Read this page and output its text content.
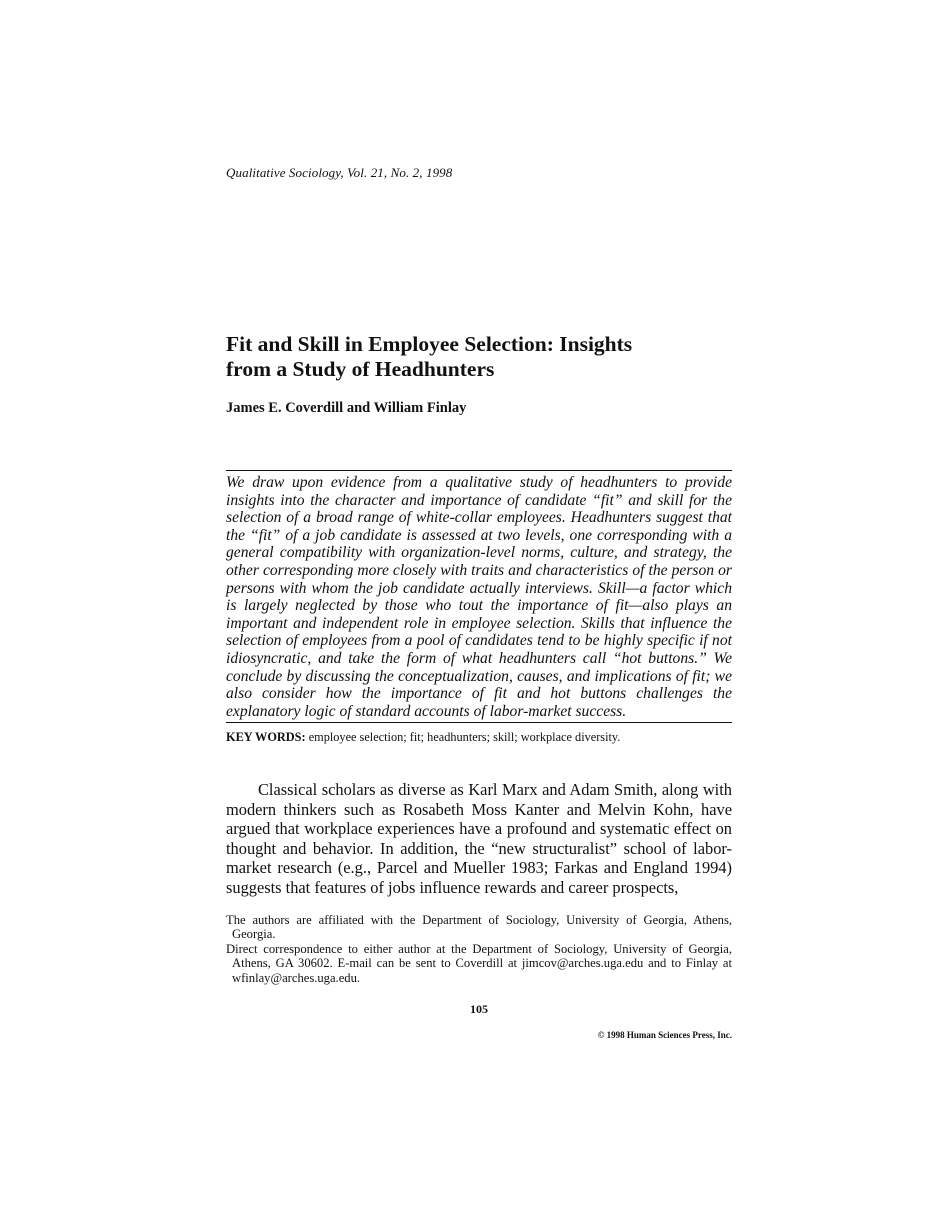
Qualitative Sociology, Vol. 21, No. 2, 1998
Fit and Skill in Employee Selection: Insights
from a Study of Headhunters
James E. Coverdill and William Finlay

We draw upon evidence from a qualitative study of headhunters to provide insights into the character and importance of candidate “fit” and skill for the selection of a broad range of white-collar employees. Headhunters suggest that the “fit” of a job candidate is assessed at two levels, one corresponding with a general compatibility with organization-level norms, culture, and strategy, the other corresponding more closely with traits and characteristics of the person or persons with whom the job candidate actually interviews. Skill—a factor which is largely neglected by those who tout the importance of fit—also plays an important and independent role in employee selection. Skills that influence the selection of employees from a pool of candidates tend to be highly specific if not idiosyncratic, and take the form of what headhunters call “hot buttons.” We conclude by discussing the conceptualization, causes, and implications of fit; we also consider how the importance of fit and hot buttons challenges the explanatory logic of standard accounts of labor-market success.

KEY WORDS: employee selection; fit; headhunters; skill; workplace diversity.

Classical scholars as diverse as Karl Marx and Adam Smith, along with modern thinkers such as Rosabeth Moss Kanter and Melvin Kohn, have argued that workplace experiences have a profound and systematic effect on thought and behavior. In addition, the “new structuralist” school of labor-market research (e.g., Parcel and Mueller 1983; Farkas and England 1994) suggests that features of jobs influence rewards and career prospects,

The authors are affiliated with the Department of Sociology, University of Georgia, Athens, Georgia.

Direct correspondence to either author at the Department of Sociology, University of Georgia, Athens, GA 30602. E-mail can be sent to Coverdill at jimcov@arches.uga.edu and to Finlay at wfinlay@arches.uga.edu.

105
© 1998 Human Sciences Press, Inc.
